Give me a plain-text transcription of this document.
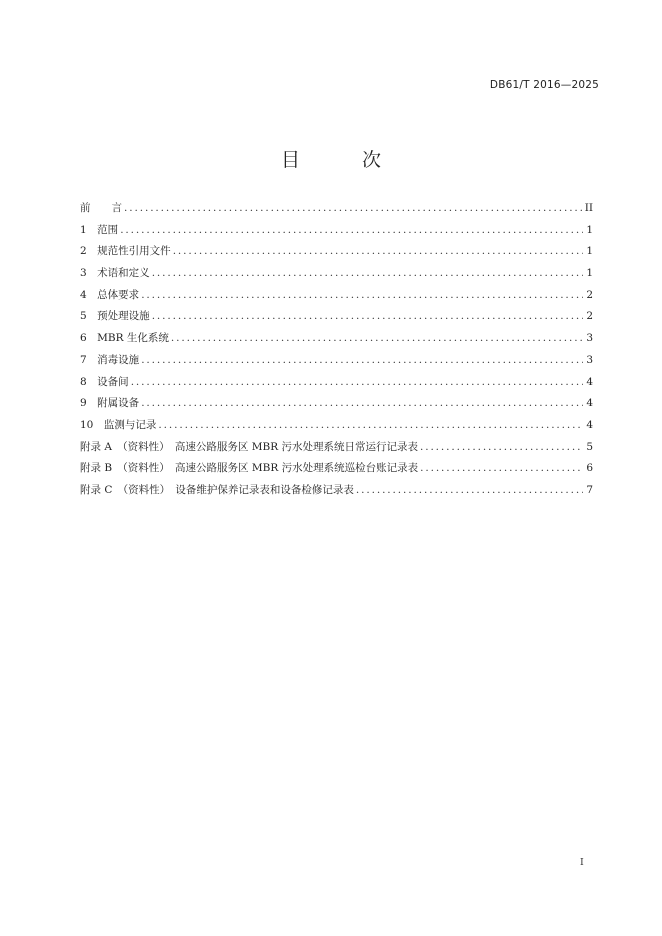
DB61/T 2016—2025
目 次
前　　言 .....	II
1　范围 .....	1
2　规范性引用文件 .....	1
3　术语和定义 .....	1
4　总体要求 .....	2
5　预处理设施 .....	2
6　MBR 生化系统 .....	3
7　消毒设施 .....	3
8　设备间 .....	4
9　附属设备 .....	4
10　监测与记录 .....	4
附录 A　（资料性）　高速公路服务区 MBR 污水处理系统日常运行记录表 .....	5
附录 B　（资料性）　高速公路服务区 MBR 污水处理系统巡检台账记录表 .....	6
附录 C　（资料性）　设备维护保养记录表和设备检修记录表 .....	7
I
